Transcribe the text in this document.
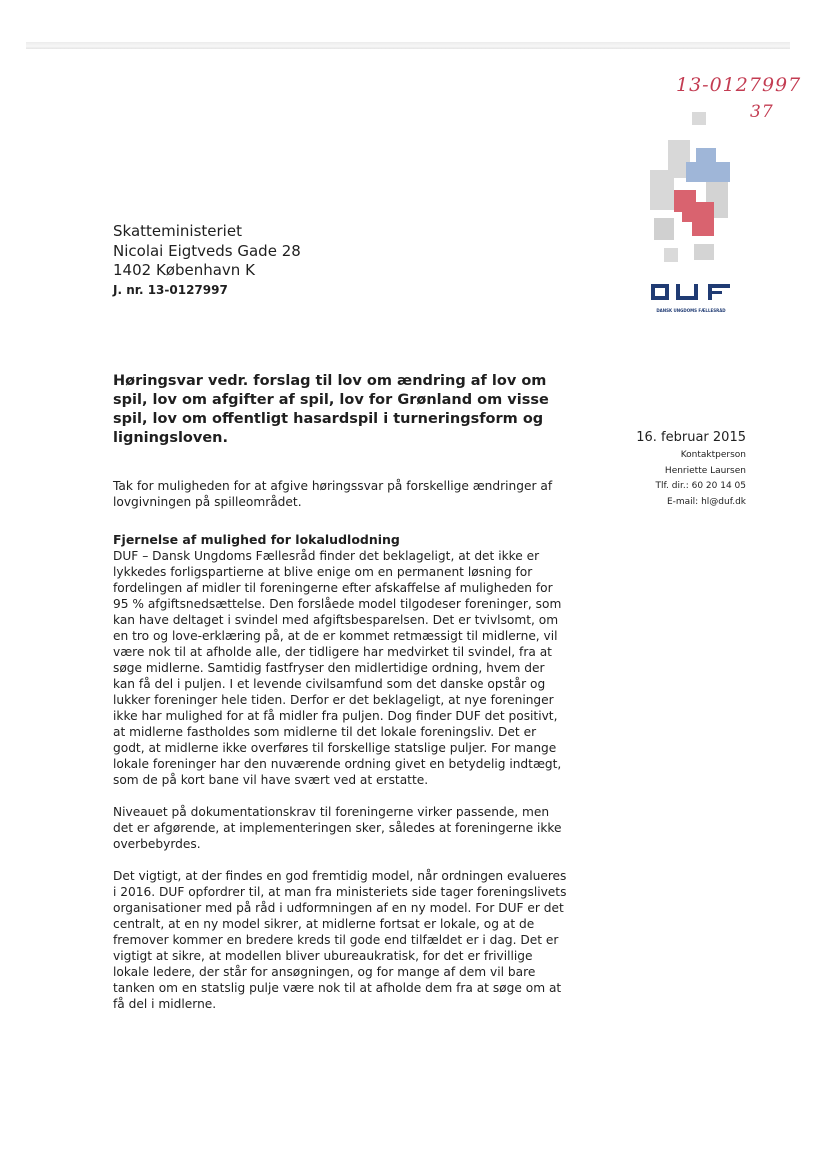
13-0127997
37
DANSK UNGDOMS FÆLLESRÅD
Skatteministeriet
Nicolai Eigtveds Gade 28
1402 København K
J. nr. 13-0127997
Høringsvar vedr. forslag til lov om ændring af lov om spil, lov om afgifter af spil, lov for Grønland om visse spil, lov om offentligt hasardspil i turneringsform og ligningsloven.	16. februar 2015
Kontaktperson
Henriette Laursen
Tlf. dir.: 60 20 14 05
E-mail: hl@duf.dk

Tak for muligheden for at afgive høringssvar på forskellige ændringer af lovgivningen på spilleområdet.

Fjernelse af mulighed for lokaludlodning

DUF – Dansk Ungdoms Fællesråd finder det beklageligt, at det ikke er lykkedes forligspartierne at blive enige om en permanent løsning for fordelingen af midler til foreningerne efter afskaffelse af muligheden for 95 % afgiftsnedsættelse. Den forslåede model tilgodeser foreninger, som kan have deltaget i svindel med afgiftsbesparelsen. Det er tvivlsomt, om en tro og love-erklæring på, at de er kommet retmæssigt til midlerne, vil være nok til at afholde alle, der tidligere har medvirket til svindel, fra at søge midlerne. Samtidig fastfryser den midlertidige ordning, hvem der kan få del i puljen. I et levende civilsamfund som det danske opstår og lukker foreninger hele tiden. Derfor er det beklageligt, at nye foreninger ikke har mulighed for at få midler fra puljen. Dog finder DUF det positivt, at midlerne fastholdes som midlerne til det lokale foreningsliv. Det er godt, at midlerne ikke overføres til forskellige statslige puljer. For mange lokale foreninger har den nuværende ordning givet en betydelig indtægt, som de på kort bane vil have svært ved at erstatte.

Niveauet på dokumentationskrav til foreningerne virker passende, men det er afgørende, at implementeringen sker, således at foreningerne ikke overbebyrdes.

Det vigtigt, at der findes en god fremtidig model, når ordningen evalueres i 2016. DUF opfordrer til, at man fra ministeriets side tager foreningslivets organisationer med på råd i udformningen af en ny model. For DUF er det centralt, at en ny model sikrer, at midlerne fortsat er lokale, og at de fremover kommer en bredere kreds til gode end tilfældet er i dag. Det er vigtigt at sikre, at modellen bliver ubureaukratisk, for det er frivillige lokale ledere, der står for ansøgningen, og for mange af dem vil bare tanken om en statslig pulje være nok til at afholde dem fra at søge om at få del i midlerne.
